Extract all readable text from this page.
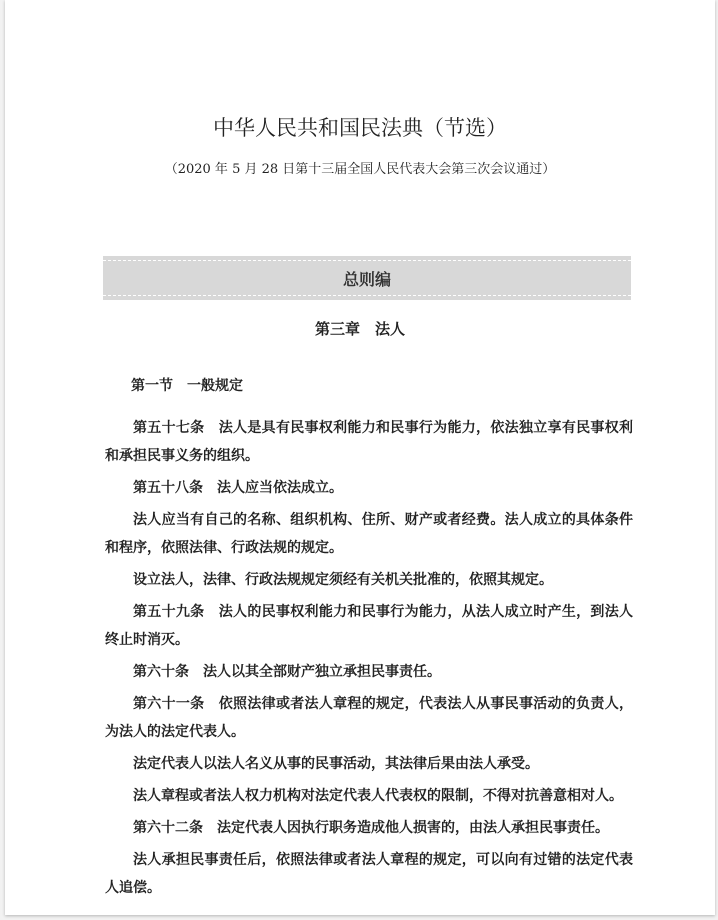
中华人民共和国民法典（节选）
（2020 年 5 月 28 日第十三届全国人民代表大会第三次会议通过）
总则编
第三章　法人
第一节　一般规定

第五十七条　法人是具有民事权利能力和民事行为能力，依法独立享有民事权利和承担民事义务的组织。

第五十八条　法人应当依法成立。

法人应当有自己的名称、组织机构、住所、财产或者经费。法人成立的具体条件和程序，依照法律、行政法规的规定。

设立法人，法律、行政法规规定须经有关机关批准的，依照其规定。

第五十九条　法人的民事权利能力和民事行为能力，从法人成立时产生，到法人终止时消灭。

第六十条　法人以其全部财产独立承担民事责任。

第六十一条　依照法律或者法人章程的规定，代表法人从事民事活动的负责人，为法人的法定代表人。

法定代表人以法人名义从事的民事活动，其法律后果由法人承受。

法人章程或者法人权力机构对法定代表人代表权的限制，不得对抗善意相对人。

第六十二条　法定代表人因执行职务造成他人损害的，由法人承担民事责任。

法人承担民事责任后，依照法律或者法人章程的规定，可以向有过错的法定代表人追偿。
